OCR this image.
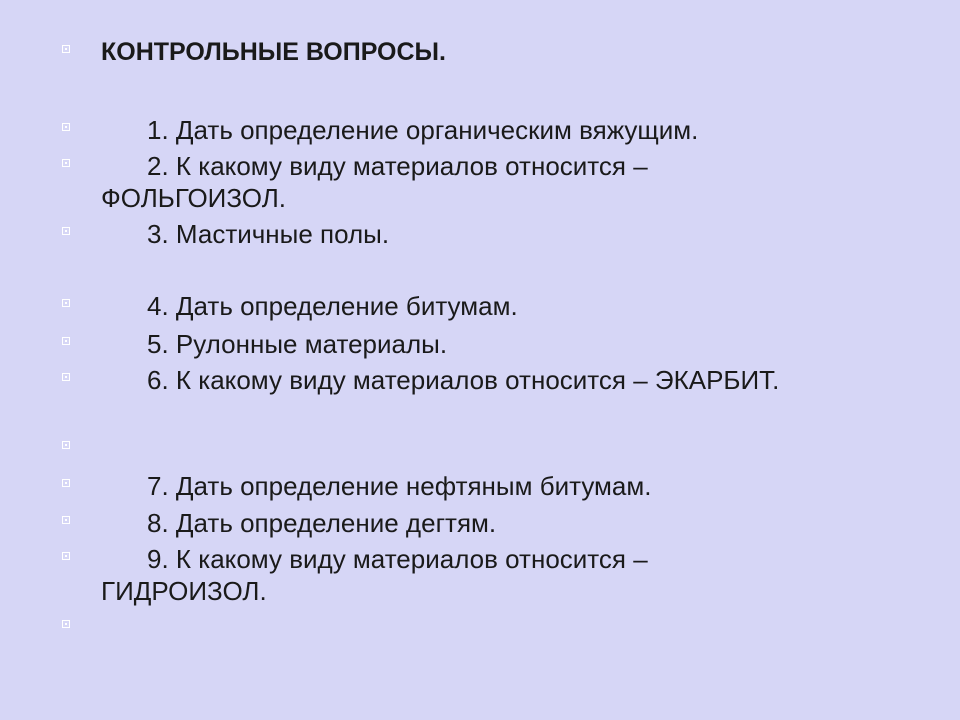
КОНТРОЛЬНЫЕ ВОПРОСЫ.
1. Дать определение органическим вяжущим.
2. К какому виду материалов относится – ФОЛЬГОИЗОЛ.
3. Мастичные полы.
4. Дать определение битумам.
5. Рулонные материалы.
6. К какому виду материалов относится – ЭКАРБИТ.
7. Дать определение нефтяным битумам.
8. Дать определение дегтям.
9. К какому виду материалов относится – ГИДРОИЗОЛ.
